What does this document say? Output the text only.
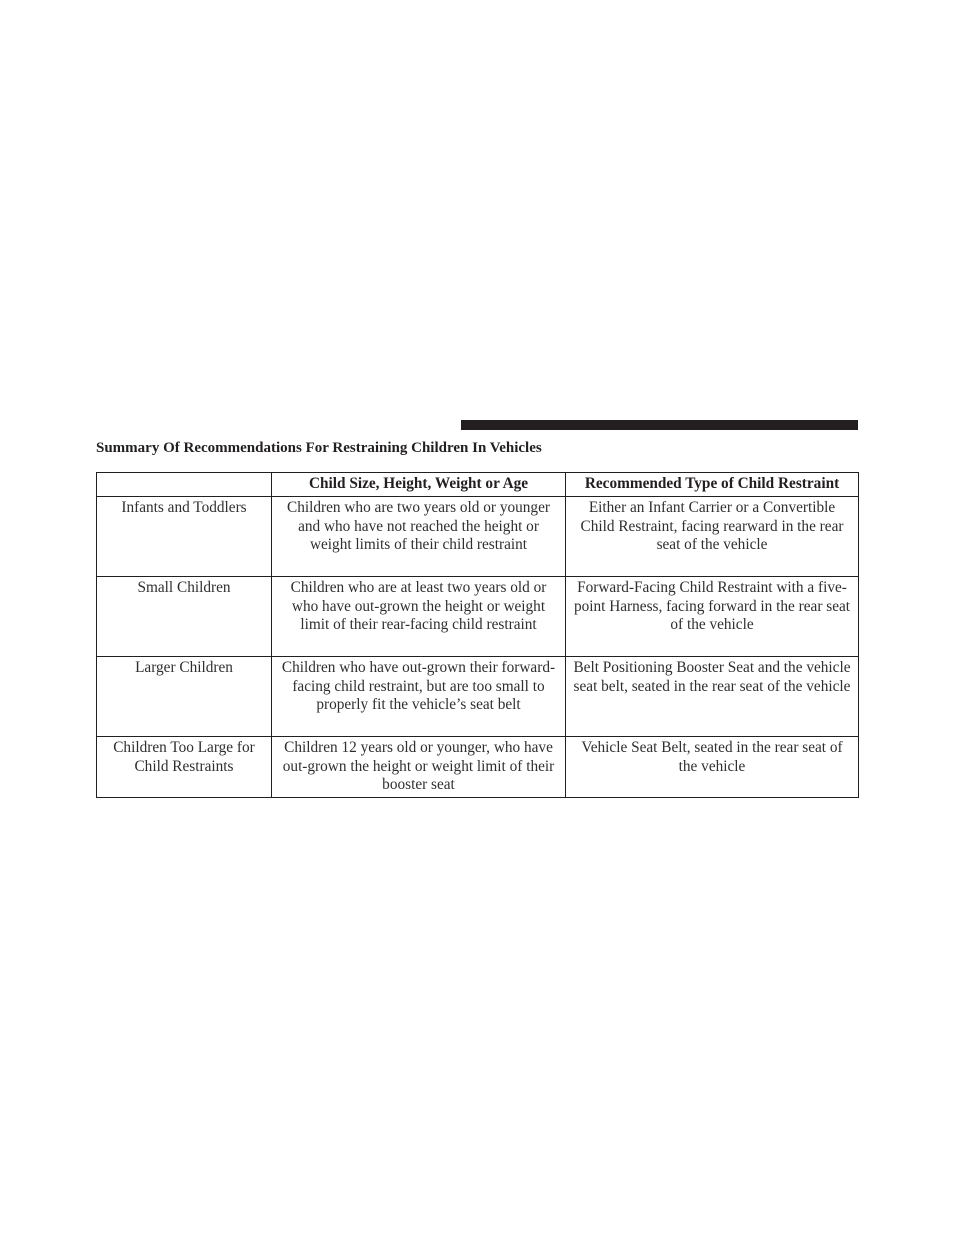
Summary Of Recommendations For Restraining Children In Vehicles
	Child Size, Height, Weight or Age	Recommended Type of Child Restraint
Infants and Toddlers	Children who are two years old or younger and who have not reached the height or weight limits of their child restraint	Either an Infant Carrier or a Convertible Child Restraint, facing rearward in the rear seat of the vehicle
Small Children	Children who are at least two years old or who have out-grown the height or weight limit of their rear-facing child restraint	Forward-Facing Child Restraint with a five-point Harness, facing forward in the rear seat of the vehicle
Larger Children	Children who have out-grown their forward-facing child restraint, but are too small to properly fit the vehicle’s seat belt	Belt Positioning Booster Seat and the vehicle seat belt, seated in the rear seat of the vehicle
Children Too Large for Child Restraints	Children 12 years old or younger, who have out-grown the height or weight limit of their booster seat	Vehicle Seat Belt, seated in the rear seat of the vehicle
